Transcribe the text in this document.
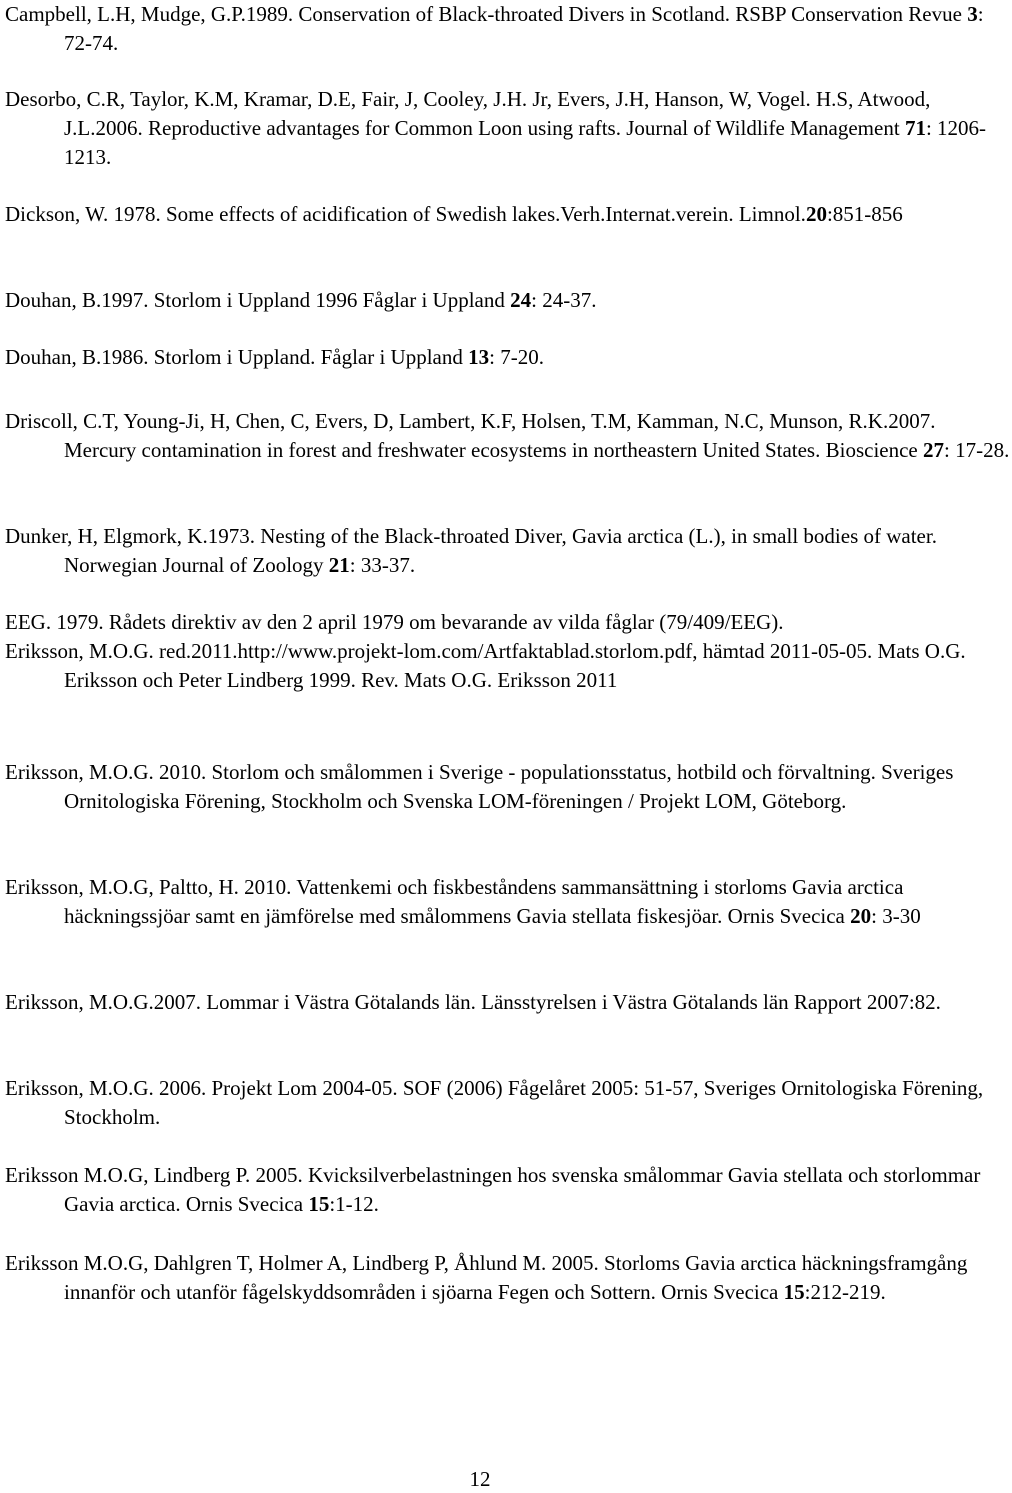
Campbell, L.H, Mudge, G.P.1989. Conservation of Black-throated Divers in Scotland. RSBP Conservation Revue 3: 72-74.

Desorbo, C.R, Taylor, K.M, Kramar, D.E, Fair, J, Cooley, J.H. Jr, Evers, J.H, Hanson, W, Vogel. H.S, Atwood, J.L.2006. Reproductive advantages for Common Loon using rafts. Journal of Wildlife Management 71: 1206-1213.

Dickson, W. 1978. Some effects of acidification of Swedish lakes.Verh.Internat.verein. Limnol.20:851-856

Douhan, B.1997. Storlom i Uppland 1996 Fåglar i Uppland 24: 24-37.

Douhan, B.1986. Storlom i Uppland. Fåglar i Uppland 13: 7-20.

Driscoll, C.T, Young-Ji, H, Chen, C, Evers, D, Lambert, K.F, Holsen, T.M, Kamman, N.C, Munson, R.K.2007. Mercury contamination in forest and freshwater ecosystems in northeastern United States. Bioscience 27: 17-28.

Dunker, H, Elgmork, K.1973. Nesting of the Black-throated Diver, Gavia arctica (L.), in small bodies of water. Norwegian Journal of Zoology 21: 33-37.

EEG. 1979. Rådets direktiv av den 2 april 1979 om bevarande av vilda fåglar (79/409/EEG).

Eriksson, M.O.G. red.2011.http://www.projekt-lom.com/Artfaktablad.storlom.pdf, hämtad 2011-05-05. Mats O.G. Eriksson och Peter Lindberg 1999. Rev. Mats O.G. Eriksson 2011

Eriksson, M.O.G. 2010. Storlom och smålommen i Sverige - populationsstatus, hotbild och förvaltning. Sveriges Ornitologiska Förening, Stockholm och Svenska LOM-föreningen / Projekt LOM, Göteborg.

Eriksson, M.O.G, Paltto, H. 2010. Vattenkemi och fiskbeståndens sammansättning i storloms Gavia arctica häckningssjöar samt en jämförelse med smålommens Gavia stellata fiskesjöar. Ornis Svecica 20: 3-30

Eriksson, M.O.G.2007. Lommar i Västra Götalands län. Länsstyrelsen i Västra Götalands län Rapport 2007:82.

Eriksson, M.O.G. 2006. Projekt Lom 2004-05. SOF (2006) Fågelåret 2005: 51-57, Sveriges Ornitologiska Förening, Stockholm.

Eriksson M.O.G, Lindberg P. 2005. Kvicksilverbelastningen hos svenska smålommar Gavia stellata och storlommar Gavia arctica. Ornis Svecica 15:1-12.

Eriksson M.O.G, Dahlgren T, Holmer A, Lindberg P, Åhlund M. 2005. Storloms Gavia arctica häckningsframgång innanför och utanför fågelskyddsområden i sjöarna Fegen och Sottern. Ornis Svecica 15:212-219.

12
